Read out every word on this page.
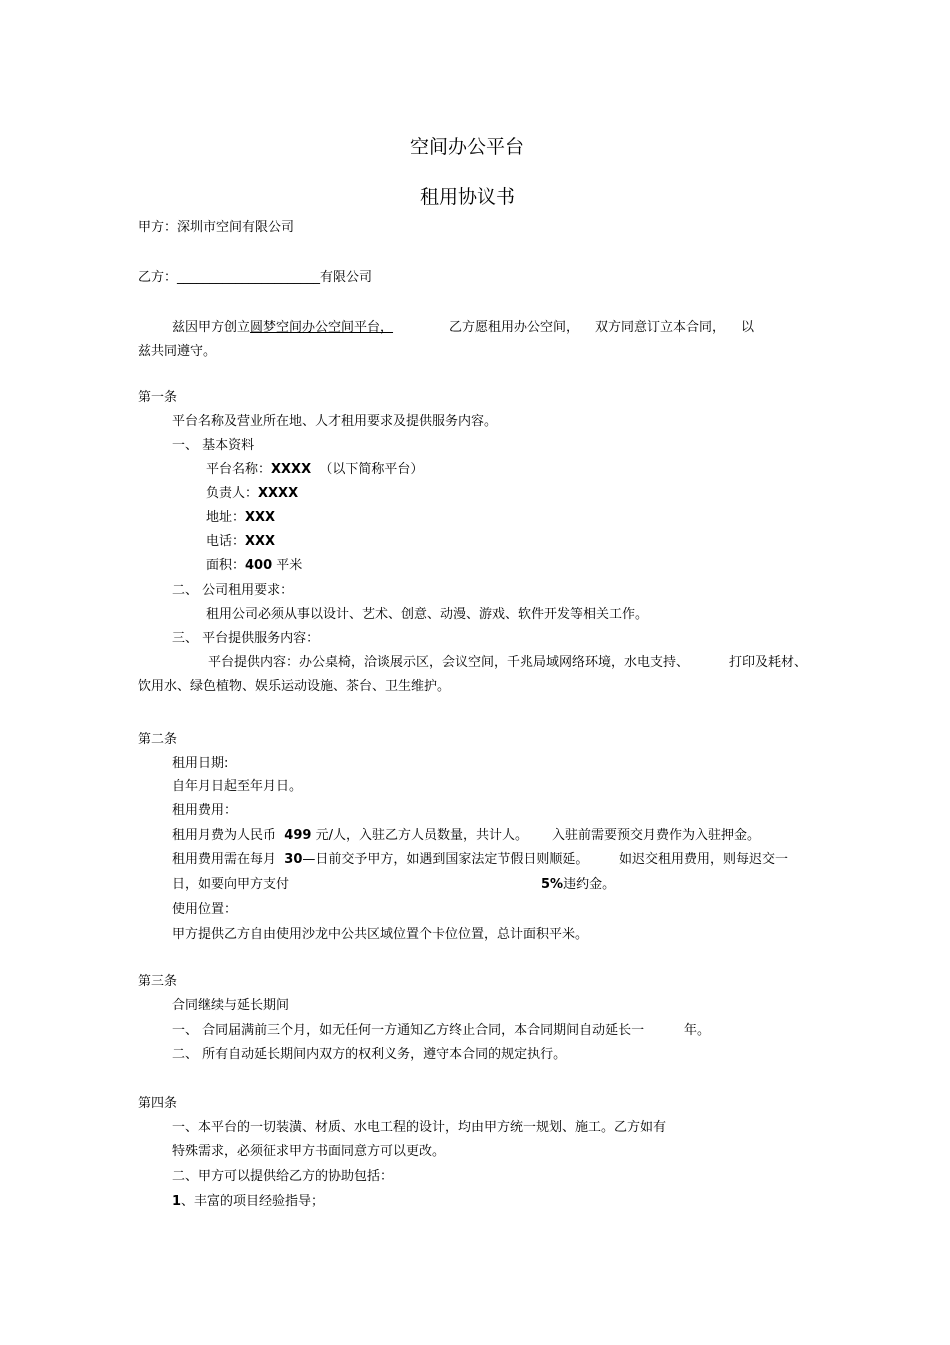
空间办公平台
租用协议书
甲方：深圳市空间有限公司
乙方：______________________有限公司
兹因甲方创立圆梦空间办公空间平台，	乙方愿租用办公空间， 双方同意订立本合同， 以
兹共同遵守。
第一条
平台名称及营业所在地、人才租用要求及提供服务内容。
一、 基本资料
平台名称：XXXX （以下简称平台）
负责人：XXXX
地址：XXX
电话：XXX
面积：400 平米
二、 公司租用要求：
租用公司必须从事以设计、艺术、创意、动漫、游戏、软件开发等相关工作。
三、 平台提供服务内容：
平台提供内容：办公桌椅，洽谈展示区，会议空间，千兆局域网络环境，水电支持、	打印及耗材、
饮用水、绿色植物、娱乐运动设施、茶台、卫生维护。
第二条
租用日期:
自年月日起至年月日。
租用费用：
租用月费为人民币 499 元/人，入驻乙方人员数量，共计人。 入驻前需要预交月费作为入驻押金。
租用费用需在每月 30—日前交予甲方，如遇到国家法定节假日则顺延。 如迟交租用费用，则每迟交一
日，如要向甲方支付	5%违约金。
使用位置：
甲方提供乙方自由使用沙龙中公共区域位置个卡位位置，总计面积平米。
第三条
合同继续与延长期间
一、 合同届满前三个月，如无任何一方通知乙方终止合同，本合同期间自动延长一	年。
二、 所有自动延长期间内双方的权利义务，遵守本合同的规定执行。
第四条
一、本平台的一切装潢、材质、水电工程的设计，均由甲方统一规划、施工。乙方如有
特殊需求，必须征求甲方书面同意方可以更改。
二、甲方可以提供给乙方的协助包括：
1、丰富的项目经验指导；
